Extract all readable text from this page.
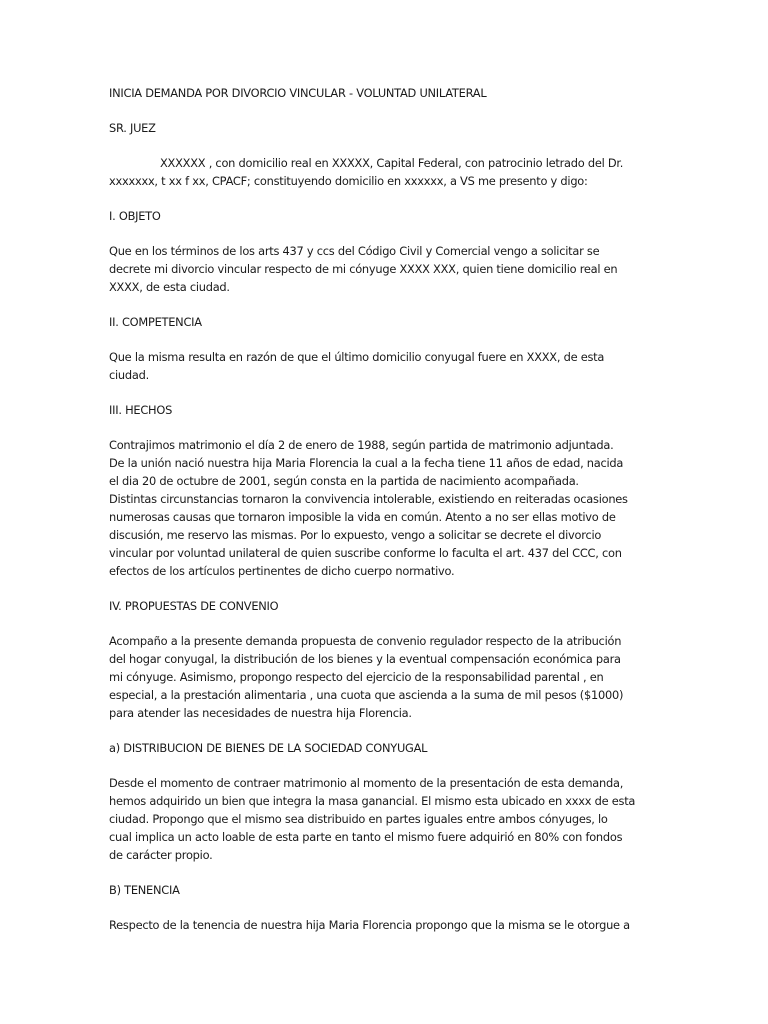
INICIA DEMANDA POR DIVORCIO VINCULAR - VOLUNTAD UNILATERAL
SR. JUEZ
XXXXXX , con domicilio real en XXXXX, Capital Federal, con patrocinio letrado del Dr.
xxxxxxx, t xx f xx, CPACF; constituyendo domicilio en xxxxxx, a VS me presento y digo:
I. OBJETO
Que en los términos de los arts 437 y ccs del Código Civil y Comercial vengo a solicitar se
decrete mi divorcio vincular respecto de mi cónyuge XXXX XXX, quien tiene domicilio real en
XXXX, de esta ciudad.
II. COMPETENCIA
Que la misma resulta en razón de que el último domicilio conyugal fuere en XXXX, de esta
ciudad.
III. HECHOS
Contrajimos matrimonio el día 2 de enero de 1988, según partida de matrimonio adjuntada.
De la unión nació nuestra hija Maria Florencia la cual a la fecha tiene 11 años de edad, nacida
el dia 20 de octubre de 2001, según consta en la partida de nacimiento acompañada.
Distintas circunstancias tornaron la convivencia intolerable, existiendo en reiteradas ocasiones
numerosas causas que tornaron imposible la vida en común. Atento a no ser ellas motivo de
discusión, me reservo las mismas. Por lo expuesto, vengo a solicitar se decrete el divorcio
vincular por voluntad unilateral de quien suscribe conforme lo faculta el art. 437 del CCC, con
efectos de los artículos pertinentes de dicho cuerpo normativo.
IV. PROPUESTAS DE CONVENIO
Acompaño a la presente demanda propuesta de convenio regulador respecto de la atribución
del hogar conyugal, la distribución de los bienes y la eventual compensación económica para
mi cónyuge. Asimismo, propongo respecto del ejercicio de la responsabilidad parental , en
especial, a la prestación alimentaria , una cuota que ascienda a la suma de mil pesos ($1000)
para atender las necesidades de nuestra hija Florencia.
a) DISTRIBUCION DE BIENES DE LA SOCIEDAD CONYUGAL
Desde el momento de contraer matrimonio al momento de la presentación de esta demanda,
hemos adquirido un bien que integra la masa ganancial. El mismo esta ubicado en xxxx de esta
ciudad. Propongo que el mismo sea distribuido en partes iguales entre ambos cónyuges, lo
cual implica un acto loable de esta parte en tanto el mismo fuere adquirió en 80% con fondos
de carácter propio.
B) TENENCIA
Respecto de la tenencia de nuestra hija Maria Florencia propongo que la misma se le otorgue a
